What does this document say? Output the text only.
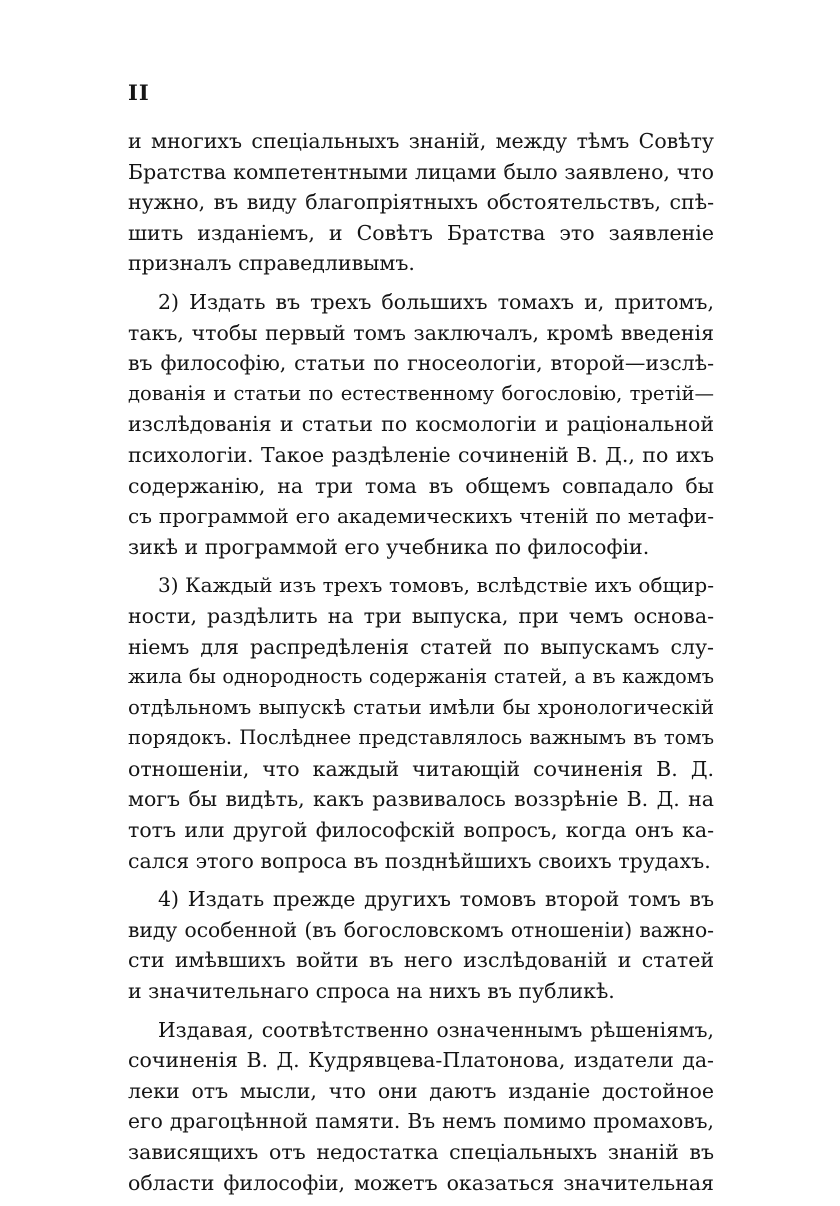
II
и многихъ спеціальныхъ знаній, между тѣмъ Совѣту
Братства компетентными лицами было заявлено, что
нужно, въ виду благопріятныхъ обстоятельствъ, спѣ-
шить изданіемъ, и Совѣтъ Братства это заявленіе
призналъ справедливымъ.
2) Издать въ трехъ большихъ томахъ и, притомъ,
такъ, чтобы первый томъ заключалъ, кромѣ введенія
въ философію, статьи по гносеологіи, второй—изслѣ-
дованія и статьи по естественному богословію, третій—
изслѣдованія и статьи по космологіи и раціональной
психологіи. Такое раздѣленіе сочиненій В. Д., по ихъ
содержанію, на три тома въ общемъ совпадало бы
съ программой его академическихъ чтеній по метафи-
зикѣ и программой его учебника по философіи.
3) Каждый изъ трехъ томовъ, вслѣдствіе ихъ общир-
ности, раздѣлить на три выпуска, при чемъ основа-
ніемъ для распредѣленія статей по выпускамъ слу-
жила бы однородность содержанія статей, а въ каждомъ
отдѣльномъ выпускѣ статьи имѣли бы хронологическій
порядокъ. Послѣднее представлялось важнымъ въ томъ
отношеніи, что каждый читающій сочиненія В. Д.
могъ бы видѣть, какъ развивалось воззрѣніе В. Д. на
тотъ или другой философскій вопросъ, когда онъ ка-
сался этого вопроса въ позднѣйшихъ своихъ трудахъ.
4) Издать прежде другихъ томовъ второй томъ въ
виду особенной (въ богословскомъ отношеніи) важно-
сти имѣвшихъ войти въ него изслѣдованій и статей
и значительнаго спроса на нихъ въ публикѣ.
Издавая, соотвѣтственно означеннымъ рѣшеніямъ,
сочиненія В. Д. Кудрявцева-Платонова, издатели да-
леки отъ мысли, что они даютъ изданіе достойное
его драгоцѣнной памяти. Въ немъ помимо промаховъ,
зависящихъ отъ недостатка спеціальныхъ знаній въ
области философіи, можетъ оказаться значительная
